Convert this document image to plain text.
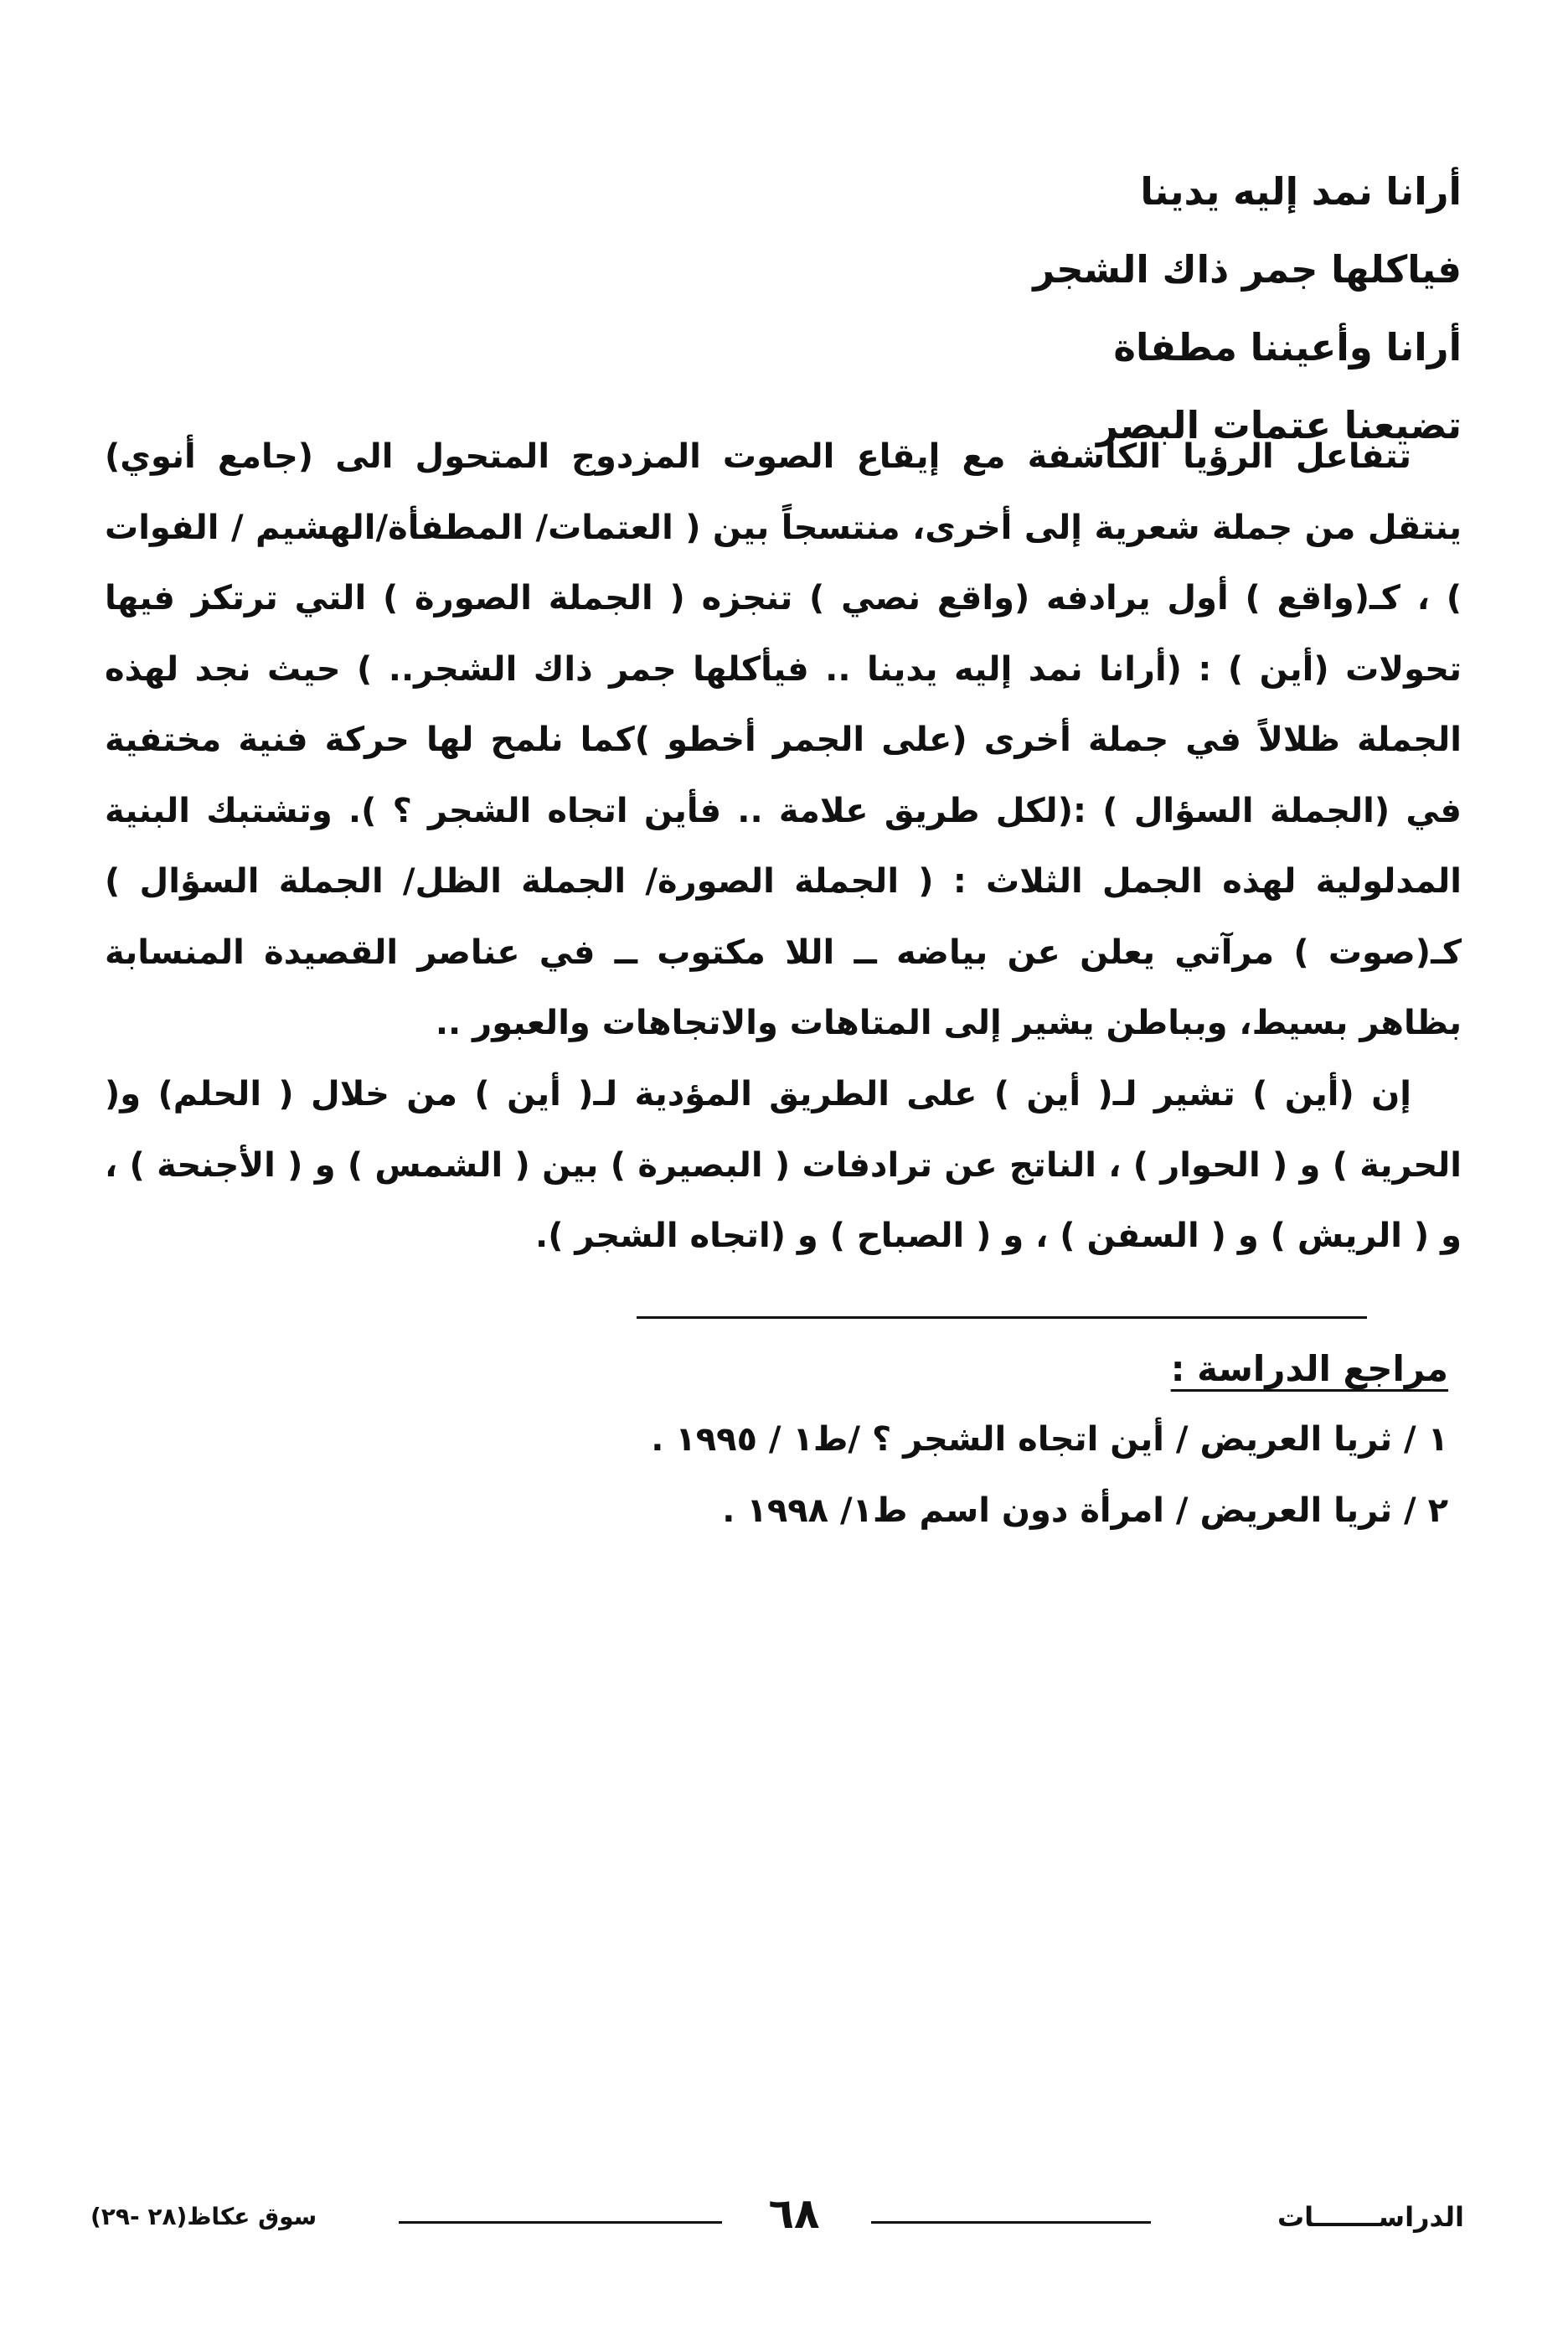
أرانا نمد إليه يدينا
فياكلها جمر ذاك الشجر
أرانا وأعيننا مطفاة
تضيعنا عتمات البصر

تتفاعل الرؤيا الكاشفة مع إيقاع الصوت المزدوج المتحول الى (جامع أنوي) ينتقل من جملة شعرية إلى أخرى، منتسجاً بين ( العتمات/ المطفأة/الهشيم / الفوات ) ، كـ(واقع ) أول يرادفه (واقع نصي ) تنجزه ( الجملة الصورة ) التي ترتكز فيها تحولات (أين ) : (أرانا نمد إليه يدينا .. فيأكلها جمر ذاك الشجر.. ) حيث نجد لهذه الجملة ظلالاً في جملة أخرى (على الجمر أخطو )كما نلمح لها حركة فنية مختفية في (الجملة السؤال ) :(لكل طريق علامة .. فأين اتجاه الشجر ؟ ). وتشتبك البنية المدلولية لهذه الجمل الثلاث : ( الجملة الصورة/ الجملة الظل/ الجملة السؤال ) كـ(صوت ) مرآتي يعلن عن بياضه ــ اللا مكتوب ــ في عناصر القصيدة المنسابة بظاهر بسيط، وبباطن يشير إلى المتاهات والاتجاهات والعبور ..

إن (أين ) تشير لـ( أين ) على الطريق المؤدية لـ( أين ) من خلال ( الحلم) و( الحرية ) و ( الحوار ) ، الناتج عن ترادفات ( البصيرة ) بين ( الشمس ) و ( الأجنحة ) ، و ( الريش ) و ( السفن ) ، و ( الصباح ) و (اتجاه الشجر ).

مراجع الدراسة :
١ / ثريا العريض / أين اتجاه الشجر ؟ /ط١ / ١٩٩٥ .
٢ / ثريا العريض / امرأة دون اسم ط١/ ١٩٩٨ .
الدراســـــــات
٦٨
سوق عكاظ(٢٨ -٢٩)
